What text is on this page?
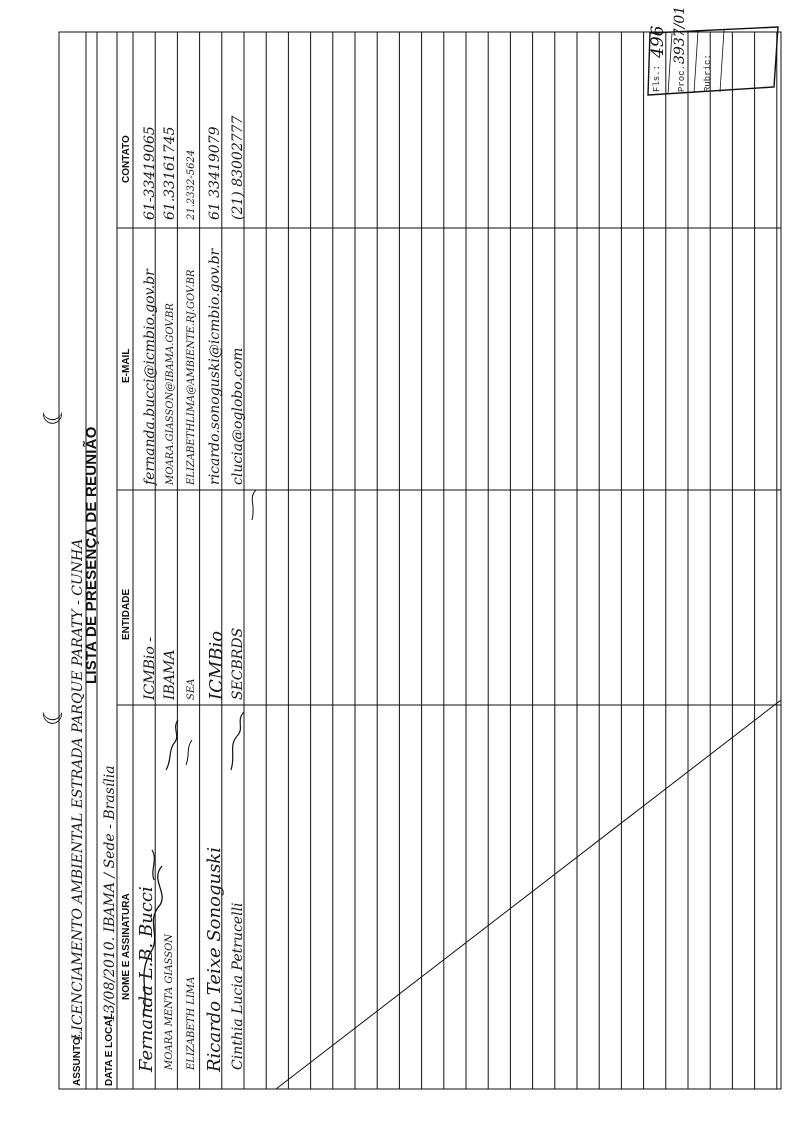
LISTA DE PRESENÇA DE REUNIÃO
☾
☾
ASSUNTO:
LICENCIAMENTO AMBIENTAL ESTRADA PARQUE PARATY - CUNHA
DATA E LOCAL:
13/08/2010. IBAMA / Sede - Brasília NOME E ASSINATURA
ENTIDADE
E-MAIL
CONTATO
Fernanda L.B. Bucci
ICMBio -
fernanda.bucci@icmbio.gov.br
61-33419065
MOARA MENTA GIASSON
IBAMA
MOARA.GIASSON@IBAMA.GOV.BR
61.33161745
ELIZABETH LIMA
SEA
ELIZABETHLIMA@AMBIENTE.RJ.GOV.BR
21.2332-5624
Ricardo Teixe Sonoguski
ICMBio
ricardo.sonoguski@icmbio.gov.br
61 33419079
Cinthia Lucia Petrucelli
SECBRDS
clucia@oglobo.com
(21) 83002777
Fls.:
496
Proc.:
3937/01
Rubric:
